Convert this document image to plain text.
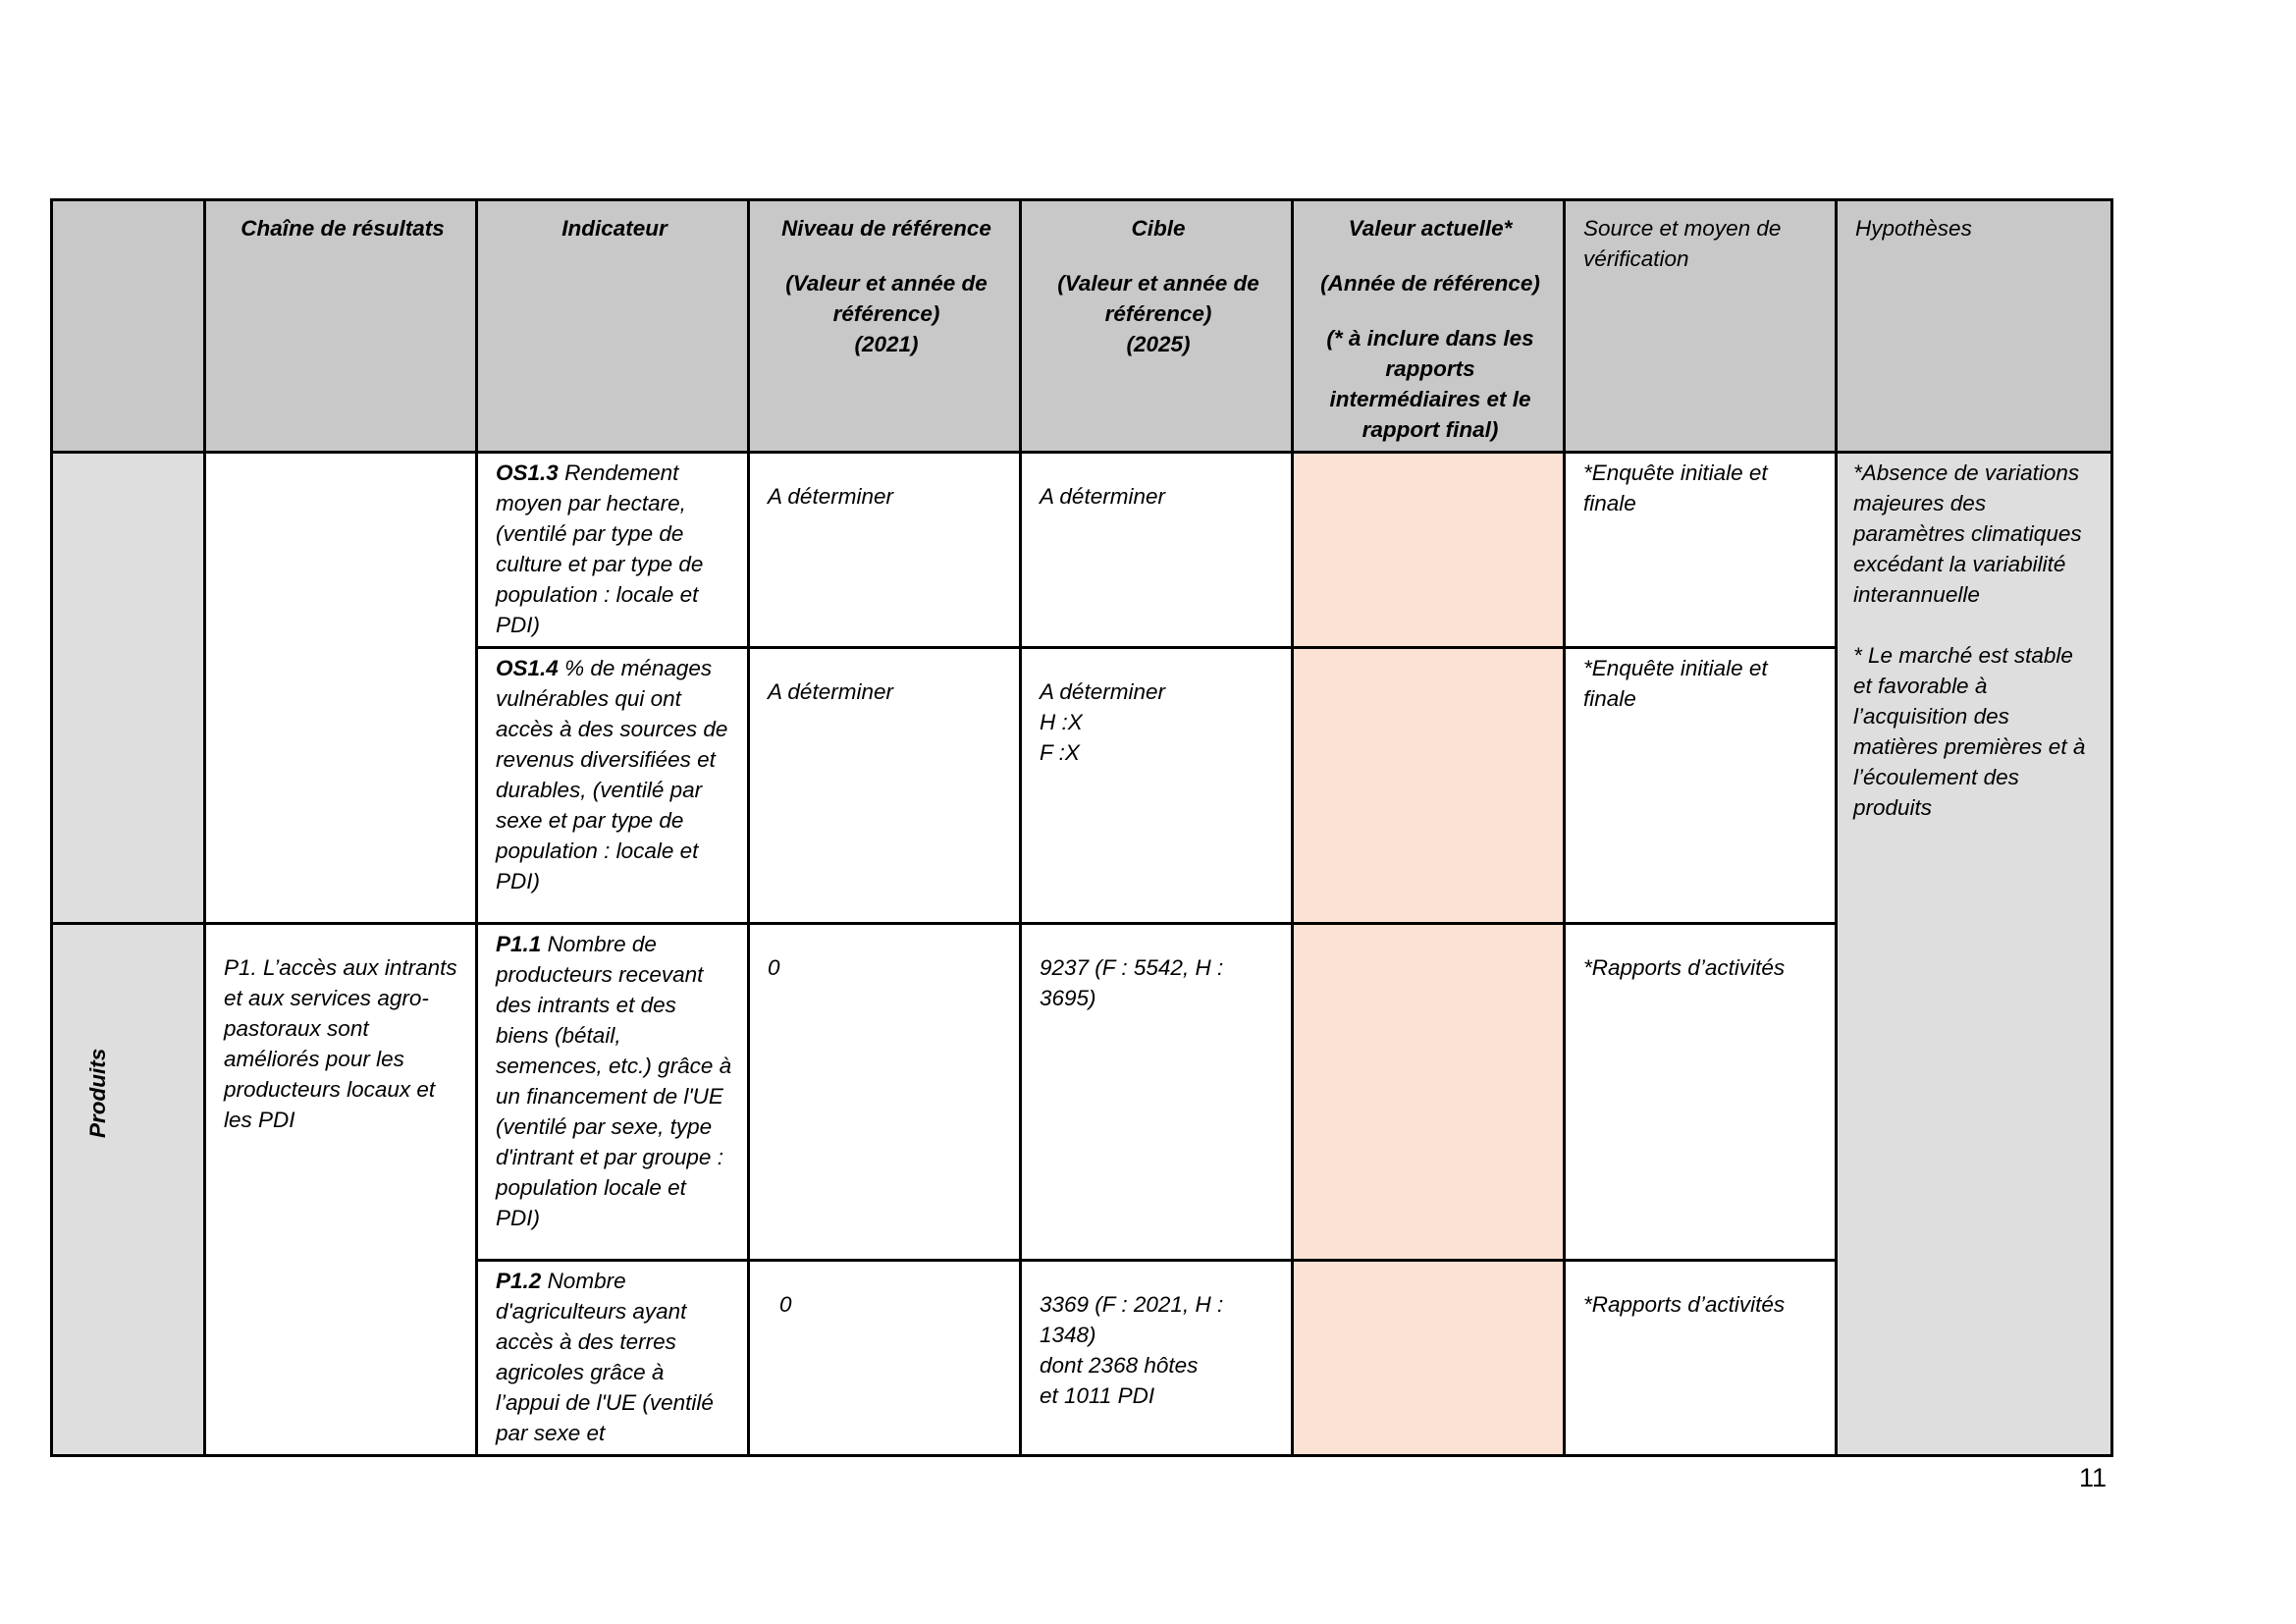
	Chaîne de résultats	Indicateur	Niveau de référence
(Valeur et année de référence)
(2021)	Cible
(Valeur et année de référence)
(2025)	Valeur actuelle*
(Année de référence)
(* à inclure dans les rapports intermédiaires et le rapport final)	Source et moyen de vérification	Hypothèses
		OS1.3 Rendement moyen par hectare, (ventilé par type de culture et par type de population : locale et PDI)	A déterminer	A déterminer		*Enquête initiale et finale	*Absence de variations majeures des paramètres climatiques excédant la variabilité interannuelle
* Le marché est stable et favorable à l’acquisition des matières premières et à l’écoulement des produits

		OS1.4 % de ménages vulnérables qui ont accès à des sources de revenus diversifiées et durables, (ventilé par sexe et par type de population : locale et PDI)	A déterminer	A déterminer
H :X
F :X		*Enquête initiale et finale	

Produits	P1. L’accès aux intrants et aux services agro-pastoraux sont améliorés pour les producteurs locaux et les PDI	P1.1 Nombre de producteurs recevant des intrants et des biens (bétail, semences, etc.) grâce à un financement de l'UE (ventilé par sexe, type d'intrant et par groupe : population locale et PDI)	0	9237 (F : 5542, H : 3695)		*Rapports d’activités	
		P1.2 Nombre d'agriculteurs ayant accès à des terres agricoles grâce à l’appui de l'UE (ventilé par sexe et	0	3369 (F : 2021, H : 1348)
dont 2368 hôtes
et 1011 PDI		*Rapports d’activités	
11
